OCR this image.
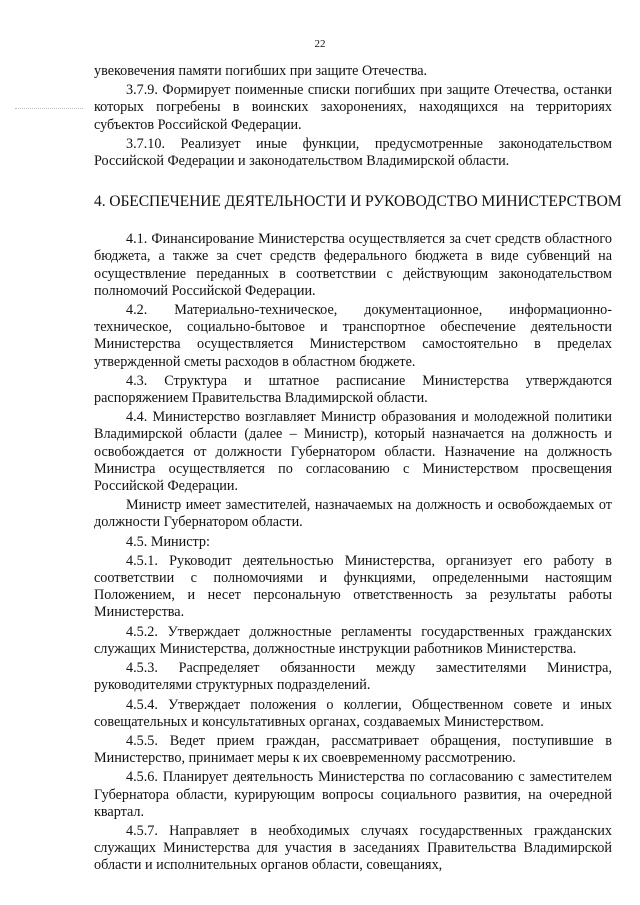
22

увековечения памяти погибших при защите Отечества.

3.7.9. Формирует поименные списки погибших при защите Отечества, останки которых погребены в воинских захоронениях, находящихся на территориях субъектов Российской Федерации.

3.7.10. Реализует иные функции, предусмотренные законодательством Российской Федерации и законодательством Владимирской области.

4. ОБЕСПЕЧЕНИЕ ДЕЯТЕЛЬНОСТИ И РУКОВОДСТВО МИНИСТЕРСТВОМ

4.1. Финансирование Министерства осуществляется за счет средств областного бюджета, а также за счет средств федерального бюджета в виде субвенций на осуществление переданных в соответствии с действующим законодательством полномочий Российской Федерации.

4.2. Материально-техническое, документационное, информационно-техническое, социально-бытовое и транспортное обеспечение деятельности Министерства осуществляется Министерством самостоятельно в пределах утвержденной сметы расходов в областном бюджете.

4.3. Структура и штатное расписание Министерства утверждаются распоряжением Правительства Владимирской области.

4.4. Министерство возглавляет Министр образования и молодежной политики Владимирской области (далее – Министр), который назначается на должность и освобождается от должности Губернатором области. Назначение на должность Министра осуществляется по согласованию с Министерством просвещения Российской Федерации.

Министр имеет заместителей, назначаемых на должность и освобождаемых от должности Губернатором области.

4.5. Министр:

4.5.1. Руководит деятельностью Министерства, организует его работу в соответствии с полномочиями и функциями, определенными настоящим Положением, и несет персональную ответственность за результаты работы Министерства.

4.5.2. Утверждает должностные регламенты государственных гражданских служащих Министерства, должностные инструкции работников Министерства.

4.5.3. Распределяет обязанности между заместителями Министра, руководителями структурных подразделений.

4.5.4. Утверждает положения о коллегии, Общественном совете и иных совещательных и консультативных органах, создаваемых Министерством.

4.5.5. Ведет прием граждан, рассматривает обращения, поступившие в Министерство, принимает меры к их своевременному рассмотрению.

4.5.6. Планирует деятельность Министерства по согласованию с заместителем Губернатора области, курирующим вопросы социального развития, на очередной квартал.

4.5.7. Направляет в необходимых случаях государственных гражданских служащих Министерства для участия в заседаниях Правительства Владимирской области и исполнительных органов области, совещаниях,
